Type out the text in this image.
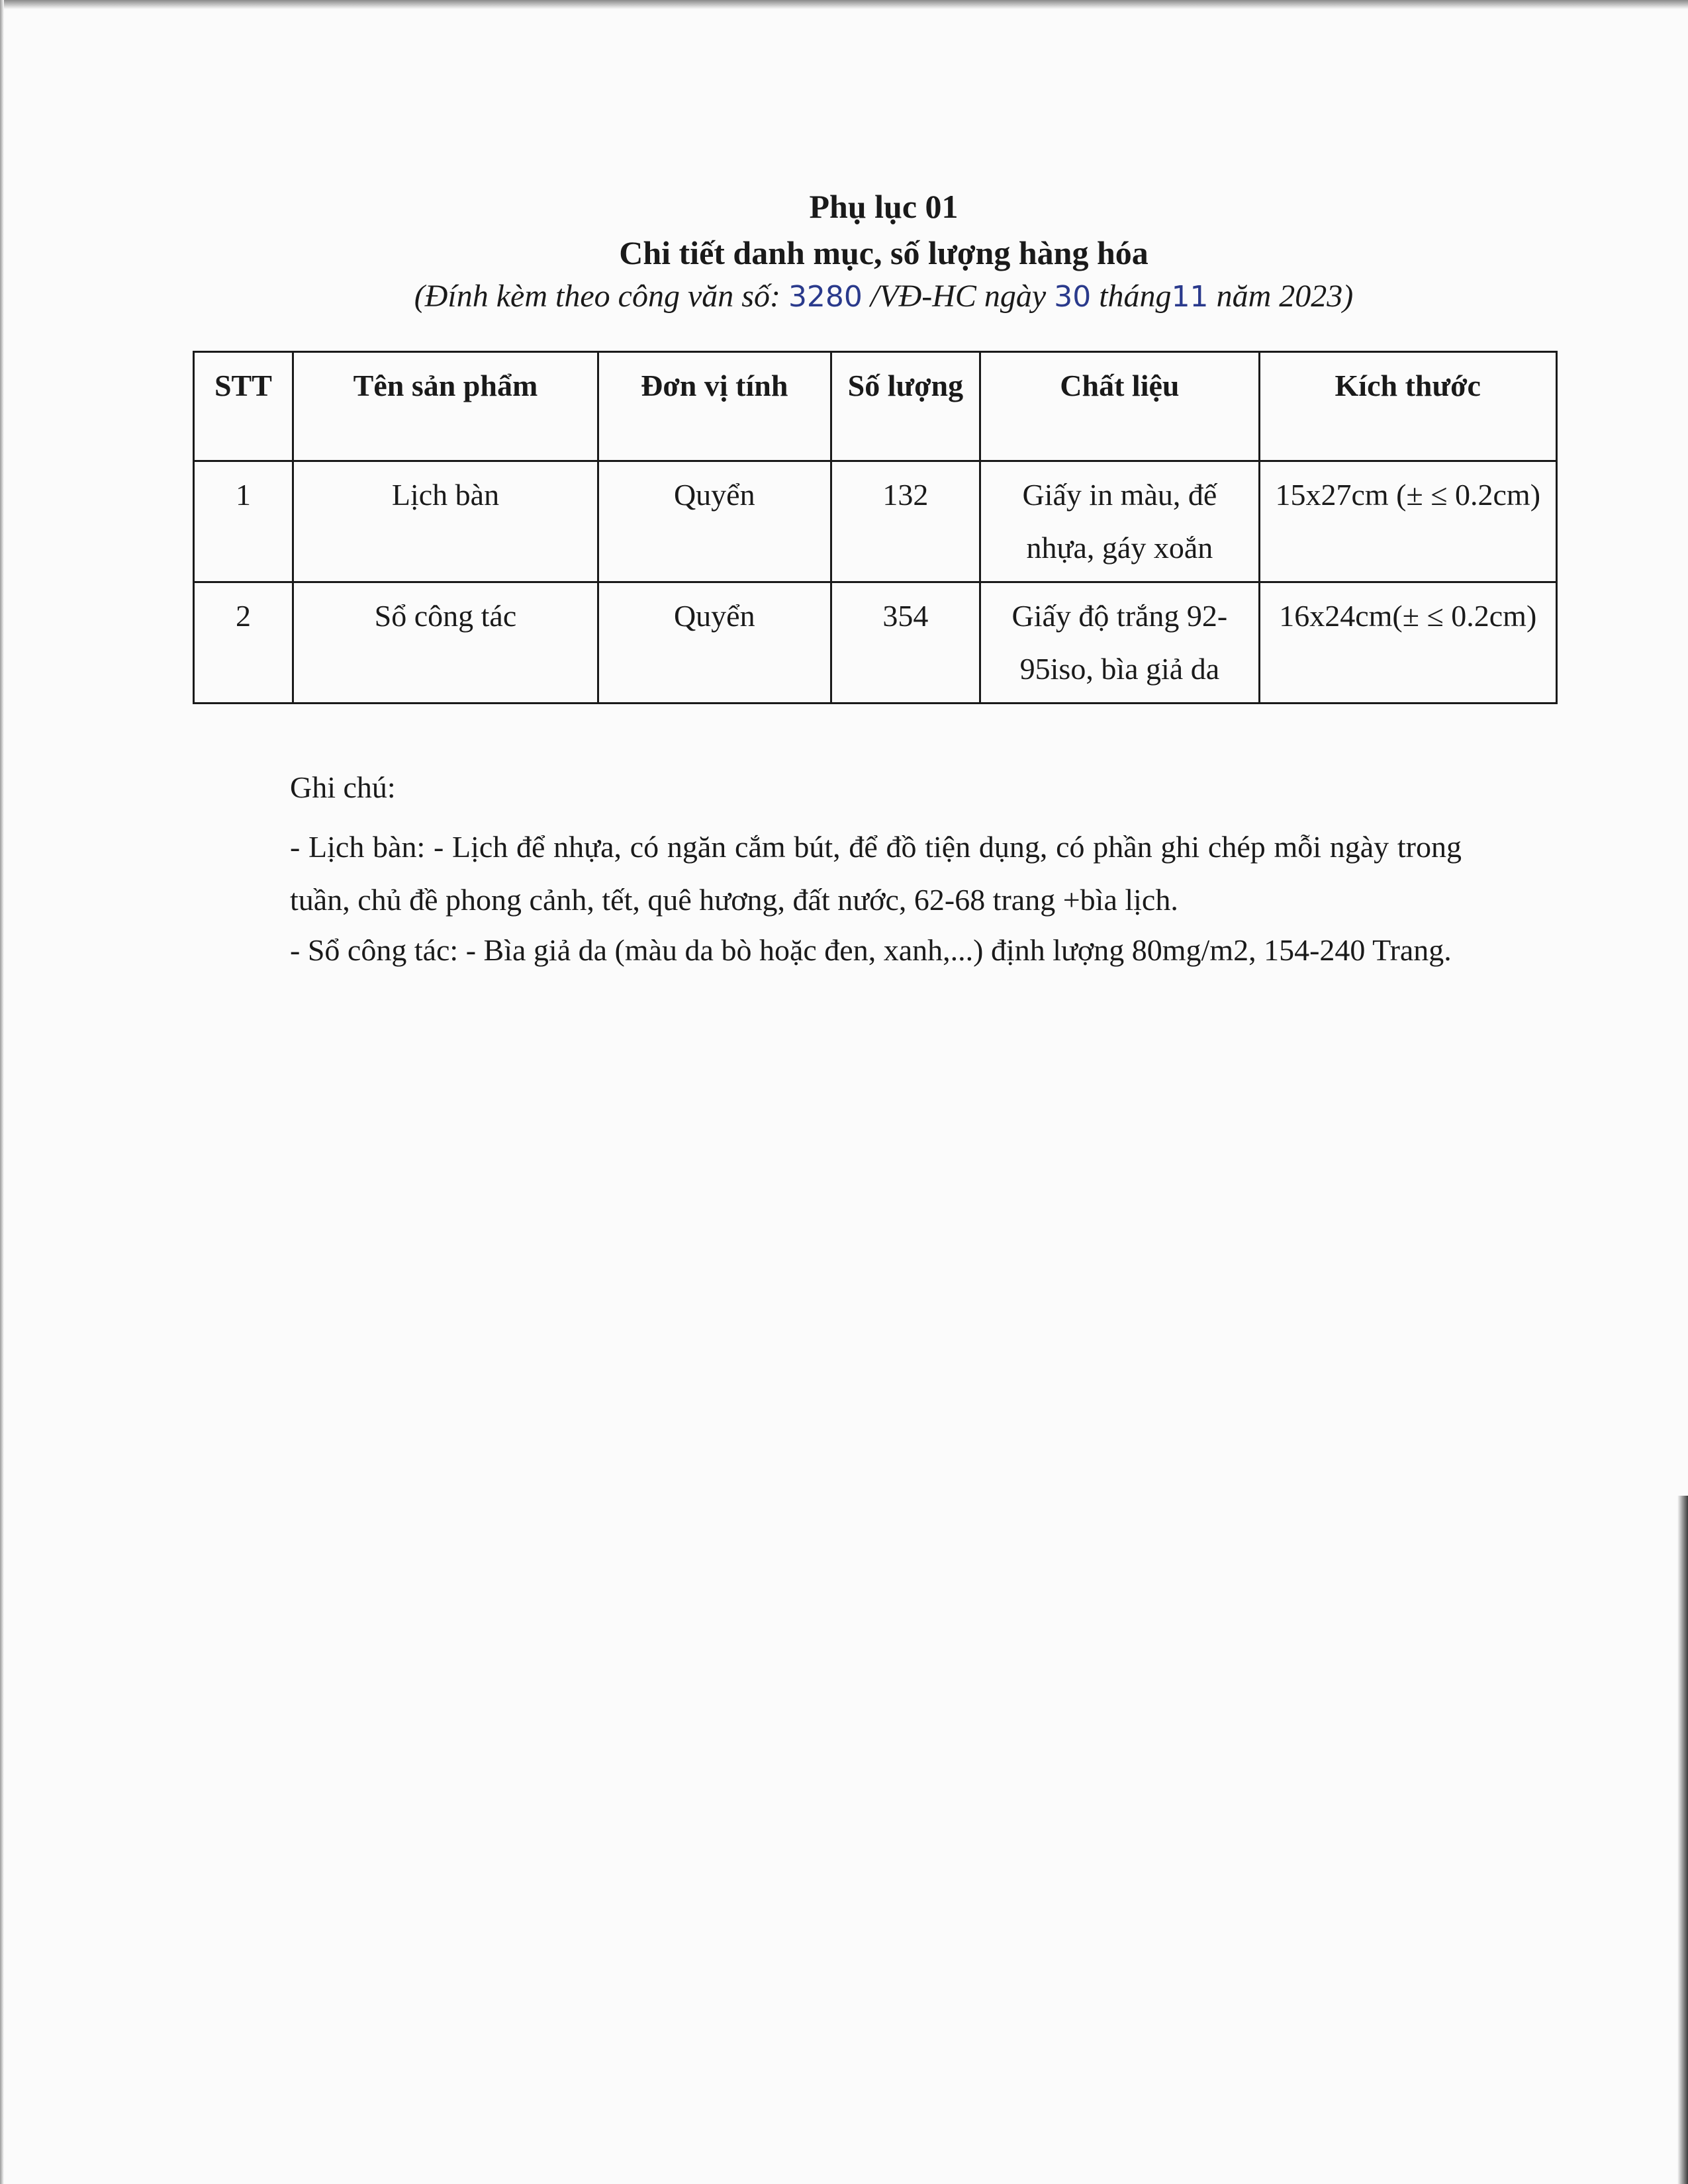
Phụ lục 01
Chi tiết danh mục, số lượng hàng hóa
(Đính kèm theo công văn số: 3280 /VĐ-HC ngày 30 tháng11 năm 2023)
STT	Tên sản phẩm	Đơn vị tính	Số lượng	Chất liệu	Kích thước
1	Lịch bàn	Quyển	132	Giấy in màu, đế nhựa, gáy xoắn	15x27cm (± ≤ 0.2cm)
2	Sổ công tác	Quyển	354	Giấy độ trắng 92-95iso, bìa giả da	16x24cm(± ≤ 0.2cm)

Ghi chú:

- Lịch bàn: - Lịch để nhựa, có ngăn cắm bút, để đồ tiện dụng, có phần ghi chép mỗi ngày trong tuần, chủ đề phong cảnh, tết, quê hương, đất nước, 62-68 trang +bìa lịch.

- Sổ công tác: - Bìa giả da (màu da bò hoặc đen, xanh,...) định lượng 80mg/m2, 154-240 Trang.
